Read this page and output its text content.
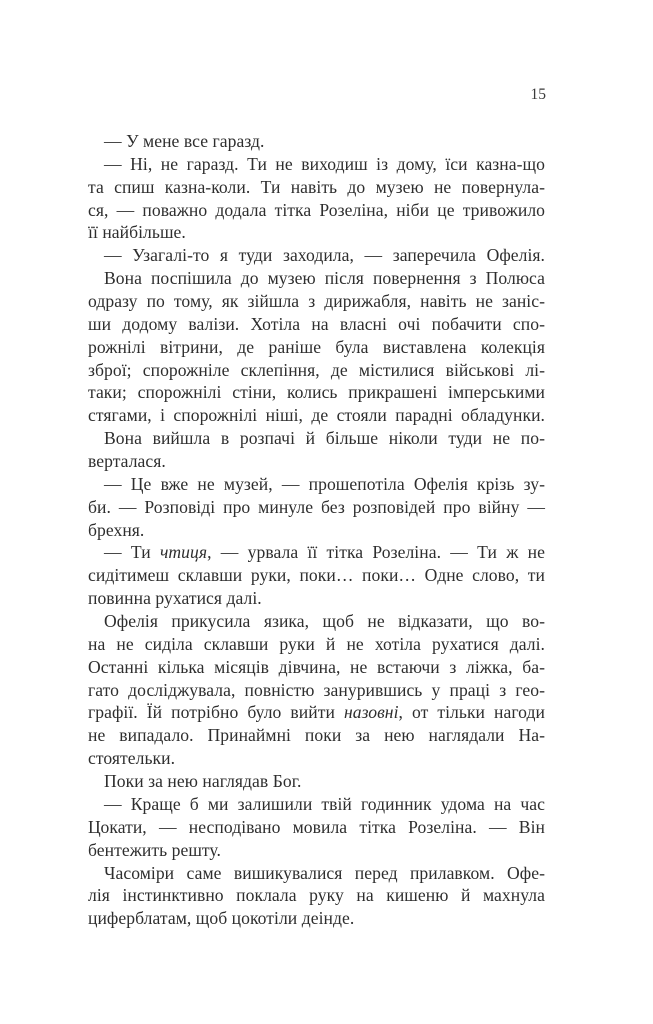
15
— У мене все гаразд.
— Ні, не гаразд. Ти не виходиш із дому, їси казна-що
та спиш казна-коли. Ти навіть до музею не повернула-
ся, — поважно додала тітка Розеліна, ніби це тривожило
її найбільше.
— Узагалі-то я туди заходила, — заперечила Офелія.
Вона поспішила до музею після повернення з Полюса
одразу по тому, як зійшла з дирижабля, навіть не заніс-
ши додому валізи. Хотіла на власні очі побачити спо-
рожнілі вітрини, де раніше була виставлена колекція
зброї; спорожніле склепіння, де містилися військові лі-
таки; спорожнілі стіни, колись прикрашені імперськими
стягами, і спорожнілі ніші, де стояли парадні обладунки.
Вона вийшла в розпачі й більше ніколи туди не по-
верталася.
— Це вже не музей, — прошепотіла Офелія крізь зу-
би. — Розповіді про минуле без розповідей про війну —
брехня.
— Ти чтиця, — урвала її тітка Розеліна. — Ти ж не
сидітимеш склавши руки, поки… поки… Одне слово, ти
повинна рухатися далі.
Офелія прикусила язика, щоб не відказати, що во-
на не сиділа склавши руки й не хотіла рухатися далі.
Останні кілька місяців дівчина, не встаючи з ліжка, ба-
гато досліджувала, повністю занурившись у праці з гео-
графії. Їй потрібно було вийти назовні, от тільки нагоди
не випадало. Принаймні поки за нею наглядали На-
стоятельки.
Поки за нею наглядав Бог.
— Краще б ми залишили твій годинник удома на час
Цокати, — несподівано мовила тітка Розеліна. — Він
бентежить решту.
Часоміри саме вишикувалися перед прилавком. Офе-
лія інстинктивно поклала руку на кишеню й махнула
циферблатам, щоб цокотіли деінде.
